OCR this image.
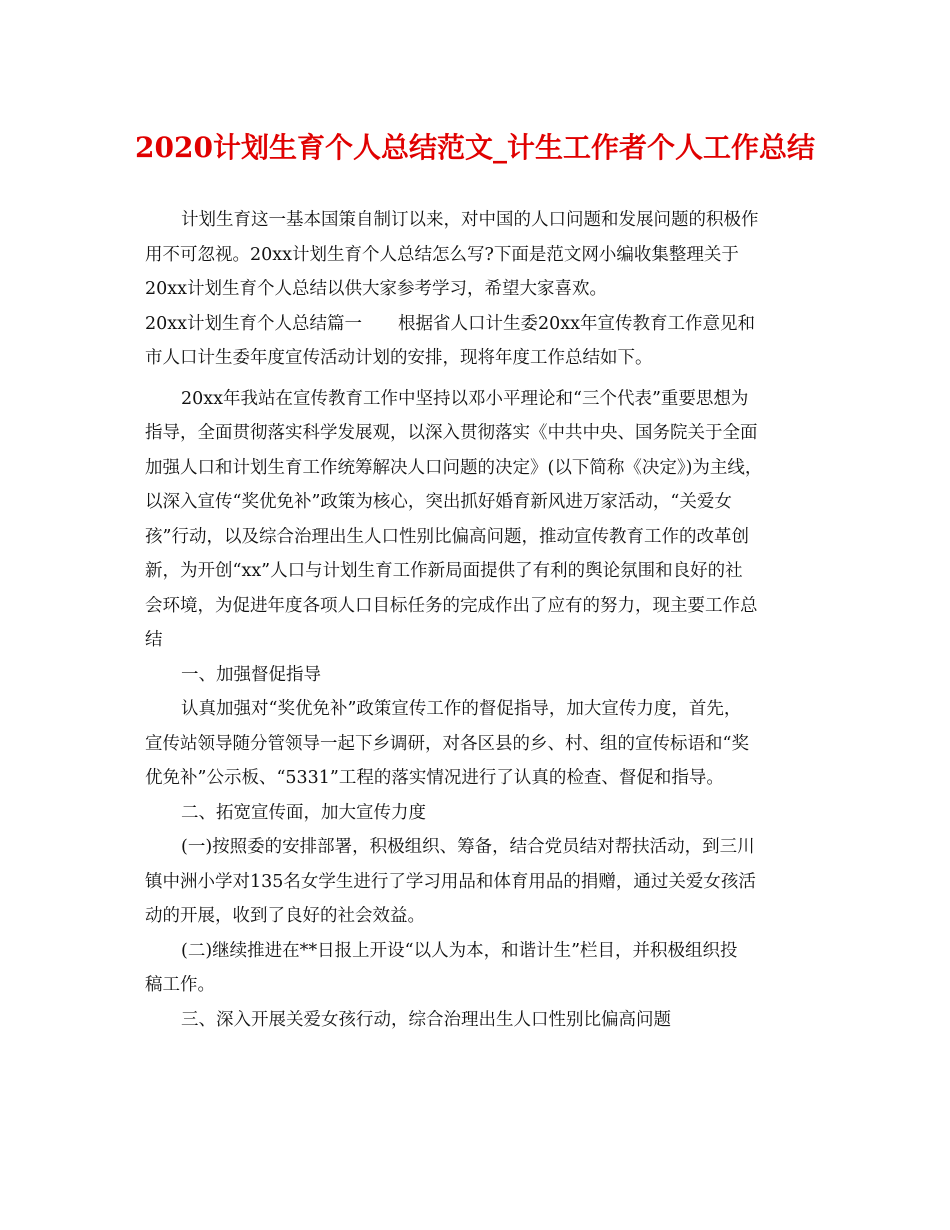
2020计划生育个人总结范文_计生工作者个人工作总结

计划生育这一基本国策自制订以来，对中国的人口问题和发展问题的积极作

用不可忽视。20xx计划生育个人总结怎么写?下面是范文网小编收集整理关于

20xx计划生育个人总结以供大家参考学习，希望大家喜欢。

20xx计划生育个人总结篇一 根据省人口计生委20xx年宣传教育工作意见和

市人口计生委年度宣传活动计划的安排，现将年度工作总结如下。

20xx年我站在宣传教育工作中坚持以邓小平理论和“三个代表”重要思想为

指导，全面贯彻落实科学发展观，以深入贯彻落实《中共中央、国务院关于全面

加强人口和计划生育工作统筹解决人口问题的决定》(以下简称《决定》)为主线，

以深入宣传“奖优免补”政策为核心，突出抓好婚育新风进万家活动，“关爱女

孩”行动，以及综合治理出生人口性别比偏高问题，推动宣传教育工作的改革创

新，为开创“xx”人口与计划生育工作新局面提供了有利的舆论氛围和良好的社

会环境，为促进年度各项人口目标任务的完成作出了应有的努力，现主要工作总

结

一、加强督促指导

认真加强对“奖优免补”政策宣传工作的督促指导，加大宣传力度，首先，

宣传站领导随分管领导一起下乡调研，对各区县的乡、村、组的宣传标语和“奖

优免补”公示板、“5331”工程的落实情况进行了认真的检查、督促和指导。

二、拓宽宣传面，加大宣传力度

(一)按照委的安排部署，积极组织、筹备，结合党员结对帮扶活动，到三川

镇中洲小学对135名女学生进行了学习用品和体育用品的捐赠，通过关爱女孩活

动的开展，收到了良好的社会效益。

(二)继续推进在**日报上开设“以人为本，和谐计生”栏目，并积极组织投

稿工作。

三、深入开展关爱女孩行动，综合治理出生人口性别比偏高问题
